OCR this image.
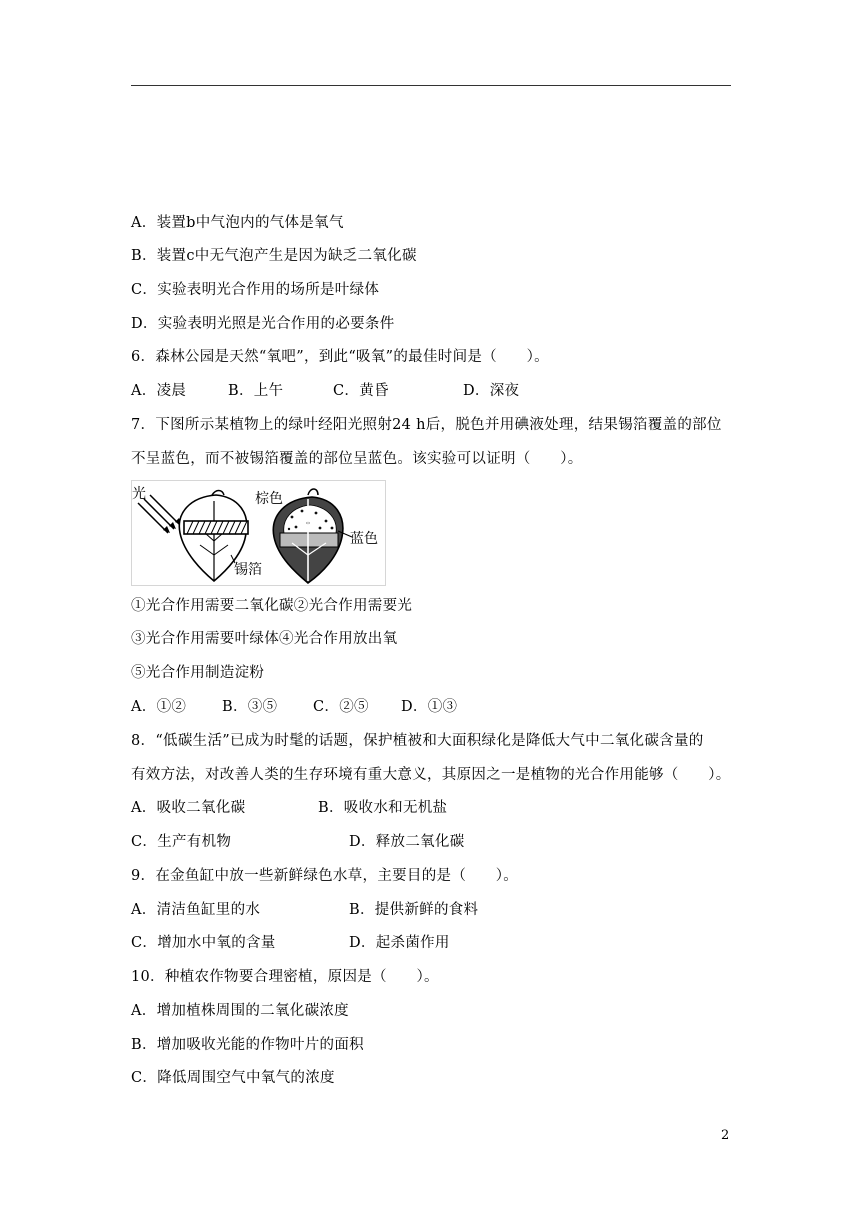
A．装置b中气泡内的气体是氧气
B．装置c中无气泡产生是因为缺乏二氧化碳
C．实验表明光合作用的场所是叶绿体
D．实验表明光照是光合作用的必要条件
6．森林公园是天然“氧吧”，到此“吸氧”的最佳时间是（　　）。
A．凌晨	B．上午	C．黄昏	D．深夜
7．下图所示某植物上的绿叶经阳光照射24 h后，脱色并用碘液处理，结果锡箔覆盖的部位
不呈蓝色，而不被锡箔覆盖的部位呈蓝色。该实验可以证明（　　）。
光
锡箔
棕色
蓝色
①光合作用需要二氧化碳②光合作用需要光
③光合作用需要叶绿体④光合作用放出氧
⑤光合作用制造淀粉
A．①② B．③⑤ C．②⑤ D．①③
8．“低碳生活”已成为时髦的话题，保护植被和大面积绿化是降低大气中二氧化碳含量的
有效方法，对改善人类的生存环境有重大意义，其原因之一是植物的光合作用能够（　　）。
A．吸收二氧化碳	B．吸收水和无机盐
C．生产有机物	D．释放二氧化碳
9．在金鱼缸中放一些新鲜绿色水草，主要目的是（　　）。
A．清洁鱼缸里的水	B．提供新鲜的食料
C．增加水中氧的含量	D．起杀菌作用
10．种植农作物要合理密植，原因是（　　）。
A．增加植株周围的二氧化碳浓度
B．增加吸收光能的作物叶片的面积
C．降低周围空气中氧气的浓度
2
